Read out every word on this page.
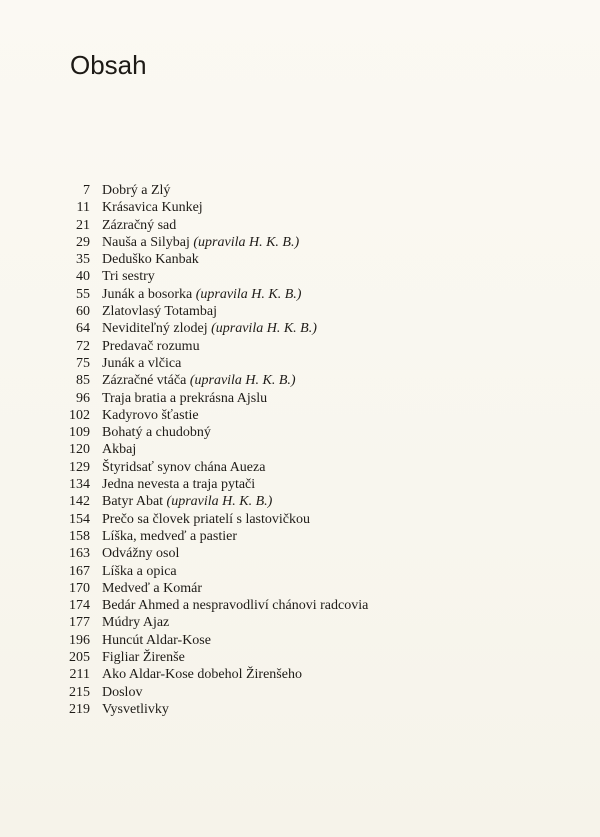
Obsah
7 Dobrý a Zlý
11 Krásavica Kunkej
21 Zázračný sad
29 Nauša a Silybaj (upravila H. K. B.)
35 Deduško Kanbak
40 Tri sestry
55 Junák a bosorka (upravila H. K. B.)
60 Zlatovlasý Totambaj
64 Neviditeľný zlodej (upravila H. K. B.)
72 Predavač rozumu
75 Junák a vlčica
85 Zázračné vtáča (upravila H. K. B.)
96 Traja bratia a prekrásna Ajslu
102 Kadyrovo šťastie
109 Bohatý a chudobný
120 Akbaj
129 Štyridsať synov chána Aueza
134 Jedna nevesta a traja pytači
142 Batyr Abat (upravila H. K. B.)
154 Prečo sa človek priatelí s lastovičkou
158 Líška, medveď a pastier
163 Odvážny osol
167 Líška a opica
170 Medveď a Komár
174 Bedár Ahmed a nespravodliví chánovi radcovia
177 Múdry Ajaz
196 Huncút Aldar-Kose
205 Figliar Žirenše
211 Ako Aldar-Kose dobehol Žirenšeho
215 Doslov
219 Vysvetlivky
